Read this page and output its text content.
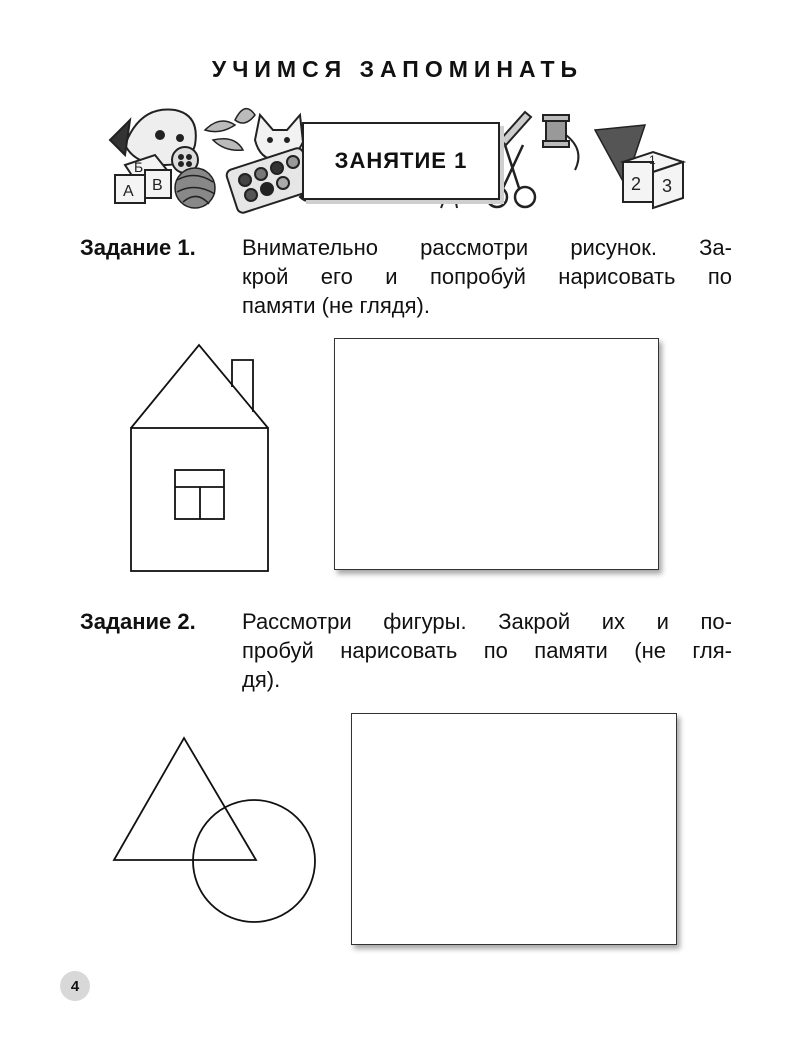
УЧИМСЯ ЗАПОМИНАТЬ
Б
А В
1
2 3
ЗАНЯТИЕ 1
Задание 1. Внимательно рассмотри рисунок. За-
крой его и попробуй нарисовать по
памяти (не глядя).
Задание 2. Рассмотри фигуры. Закрой их и по-
пробуй нарисовать по памяти (не гля-
дя).
4
